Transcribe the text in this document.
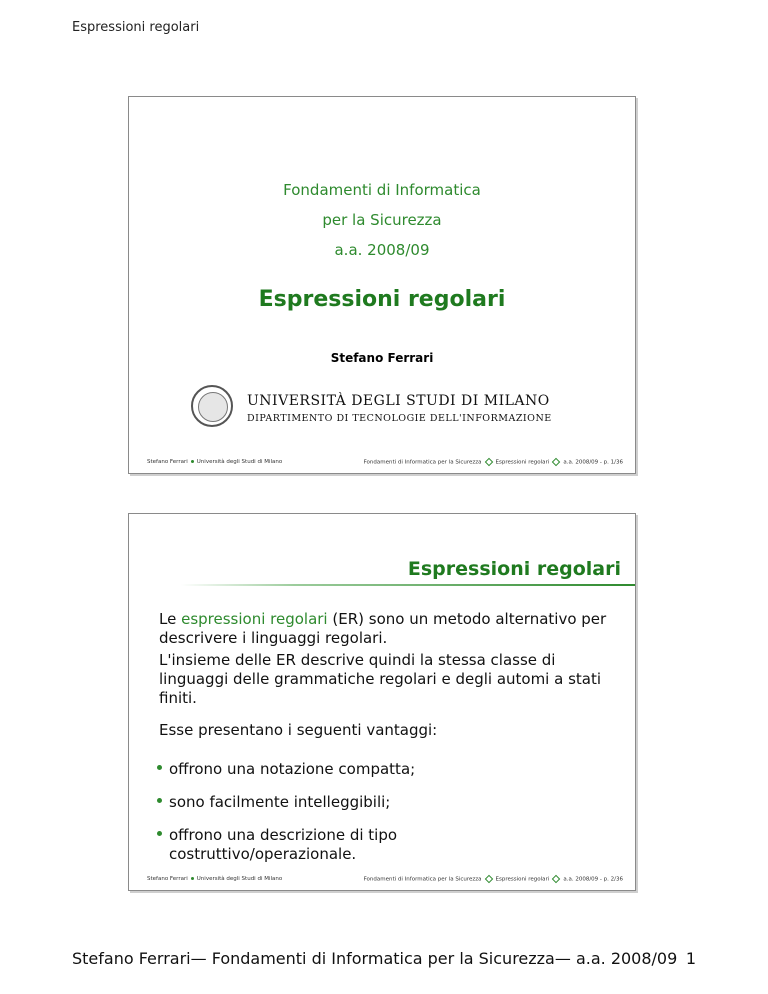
Espressioni regolari
Fondamenti di Informatica
per la Sicurezza
a.a. 2008/09
Espressioni regolari
Stefano Ferrari
UNIVERSITÀ DEGLI STUDI DI MILANO
DIPARTIMENTO DI TECNOLOGIE DELL'INFORMAZIONE
Stefano Ferrari Università degli Studi di Milano	Fondamenti di Informatica per la Sicurezza	Espressioni regolari	a.a. 2008/09 - p. 1/36
Espressioni regolari
Le espressioni regolari (ER) sono un metodo alternativo per descrivere i linguaggi regolari.
L'insieme delle ER descrive quindi la stessa classe di linguaggi delle grammatiche regolari e degli automi a stati finiti.
Esse presentano i seguenti vantaggi:
offrono una notazione compatta;
sono facilmente intelleggibili;
offrono una descrizione di tipo costruttivo/operazionale.
Stefano Ferrari Università degli Studi di Milano	Fondamenti di Informatica per la Sicurezza	Espressioni regolari	a.a. 2008/09 - p. 2/36
Stefano Ferrari— Fondamenti di Informatica per la Sicurezza— a.a. 2008/09 1
